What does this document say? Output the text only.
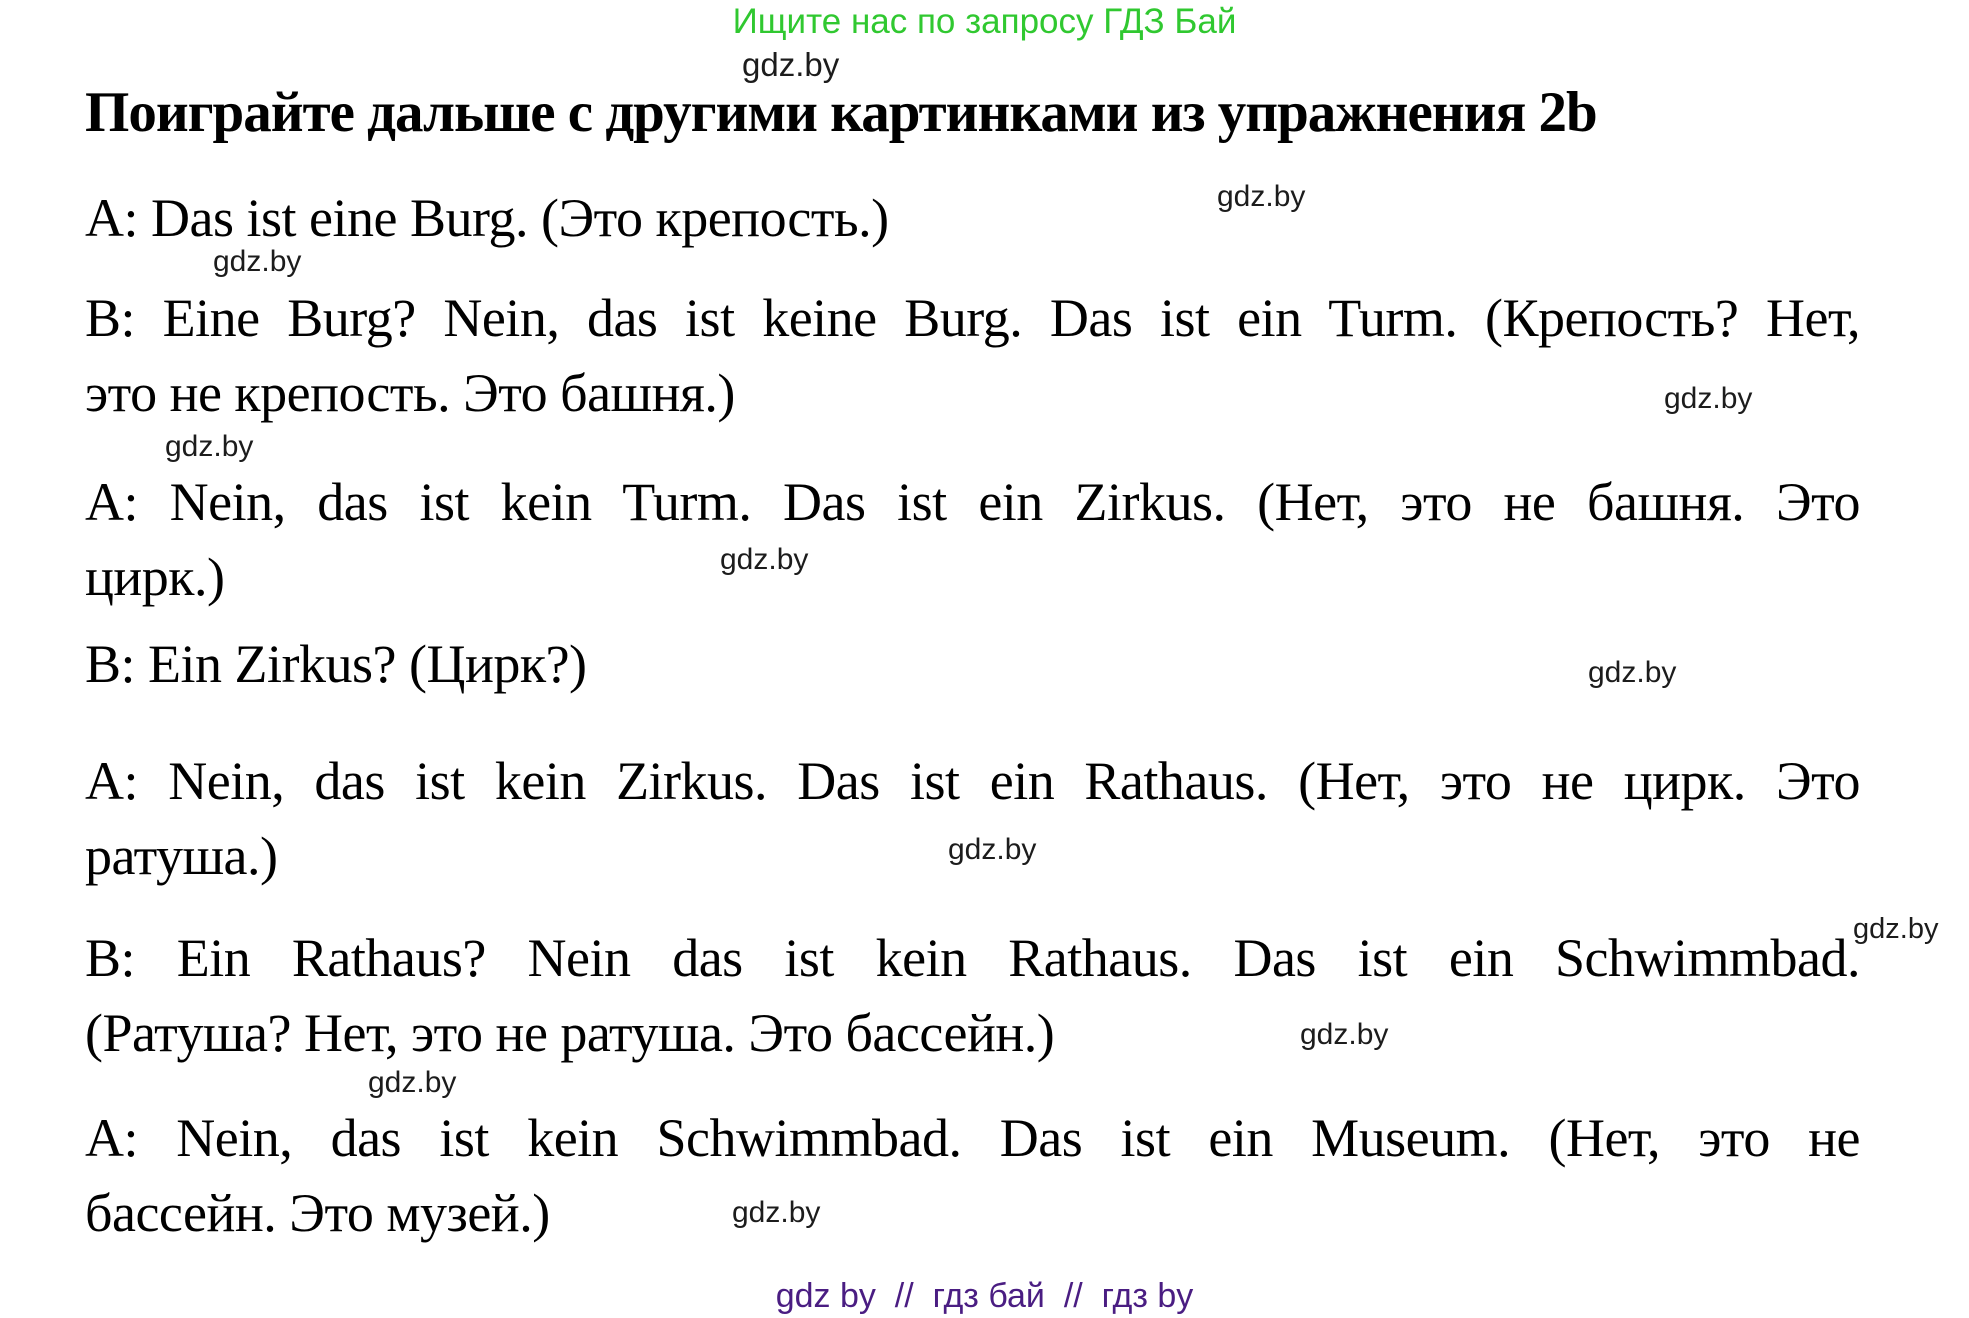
Ищите нас по запросу ГДЗ Бай
gdz.by
Поиграйте дальше с другими картинками из упражнения 2b
A: Das ist eine Burg. (Это крепость.)	gdz.by
gdz.by
B: Eine Burg? Nein, das ist keine Burg. Das ist ein Turm. (Крепость? Нет,
это не крепость. Это башня.)	gdz.by
gdz.by
A: Nein, das ist kein Turm. Das ist ein Zirkus. (Нет, это не башня. Это
цирк.)	gdz.by
B: Ein Zirkus? (Цирк?)	gdz.by
A: Nein, das ist kein Zirkus. Das ist ein Rathaus. (Нет, это не цирк. Это
ратуша.)	gdz.by
B: Ein Rathaus? Nein das ist kein Rathaus. Das ist ein Schwimmbad.
(Ратуша? Нет, это не ратуша. Это бассейн.)
gdz.by
gdz.by
gdz.by
A: Nein, das ist kein Schwimmbad. Das ist ein Museum. (Нет, это не
бассейн. Это музей.)	gdz.by
gdz by  //  гдз бай  //  гдз by
